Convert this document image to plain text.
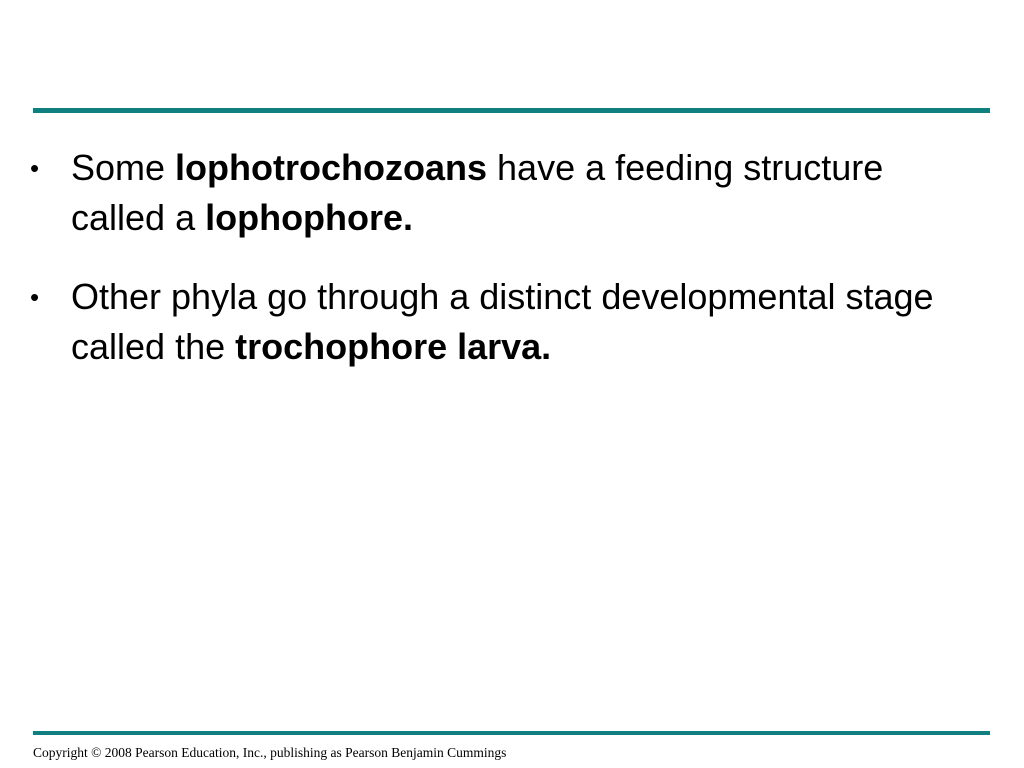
• Some lophotrochozoans have a feeding structure called a lophophore.
• Other phyla go through a distinct developmental stage called the trochophore larva.
Copyright © 2008 Pearson Education, Inc., publishing as Pearson Benjamin Cummings
